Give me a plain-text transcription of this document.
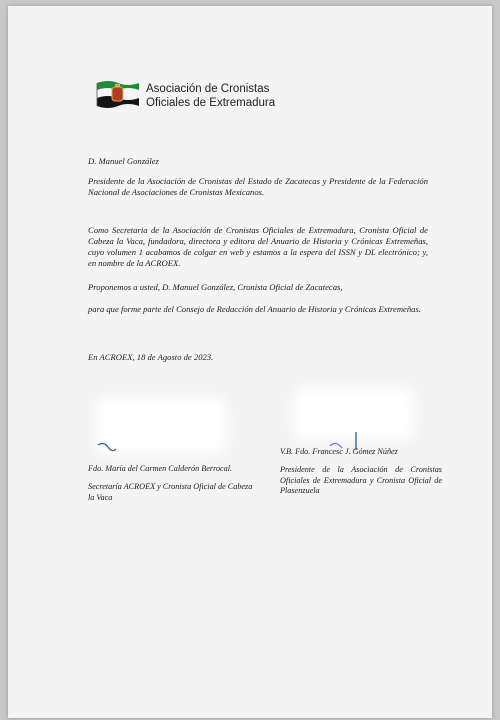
Asociación de Cronistas
Oficiales de Extremadura
D. Manuel González
Presidente de la Asociación de Cronistas del Estado de Zacatecas y Presidente de la Federación Nacional de Asociaciones de Cronistas Mexicanos.
Como Secretaria de la Asociación de Cronistas Oficiales de Extremadura, Cronista Oficial de Cabeza la Vaca, fundadora, directora y editora del Anuario de Historia y Crónicas Extremeñas, cuyo volumen 1 acabamos de colgar en web y estamos a la espera del ISSN y DL electrónico; y, en nombre de la ACROEX.
Proponemos a usted, D. Manuel González, Cronista Oficial de Zacatecas,
para que forme parte del Consejo de Redacción del Anuario de Historia y Crónicas Extremeñas.
En ACROEX, 18 de Agosto de 2023.
Fdo. María del Carmen Calderón Berrocal.
Secretaría ACROEX y Cronista Oficial de Cabeza la Vaca
V.B. Fdo. Francesc J. Gómez Núñez
Presidente de la Asociación de Cronistas Oficiales de Extremadura y Cronista Oficial de Plasenzuela
